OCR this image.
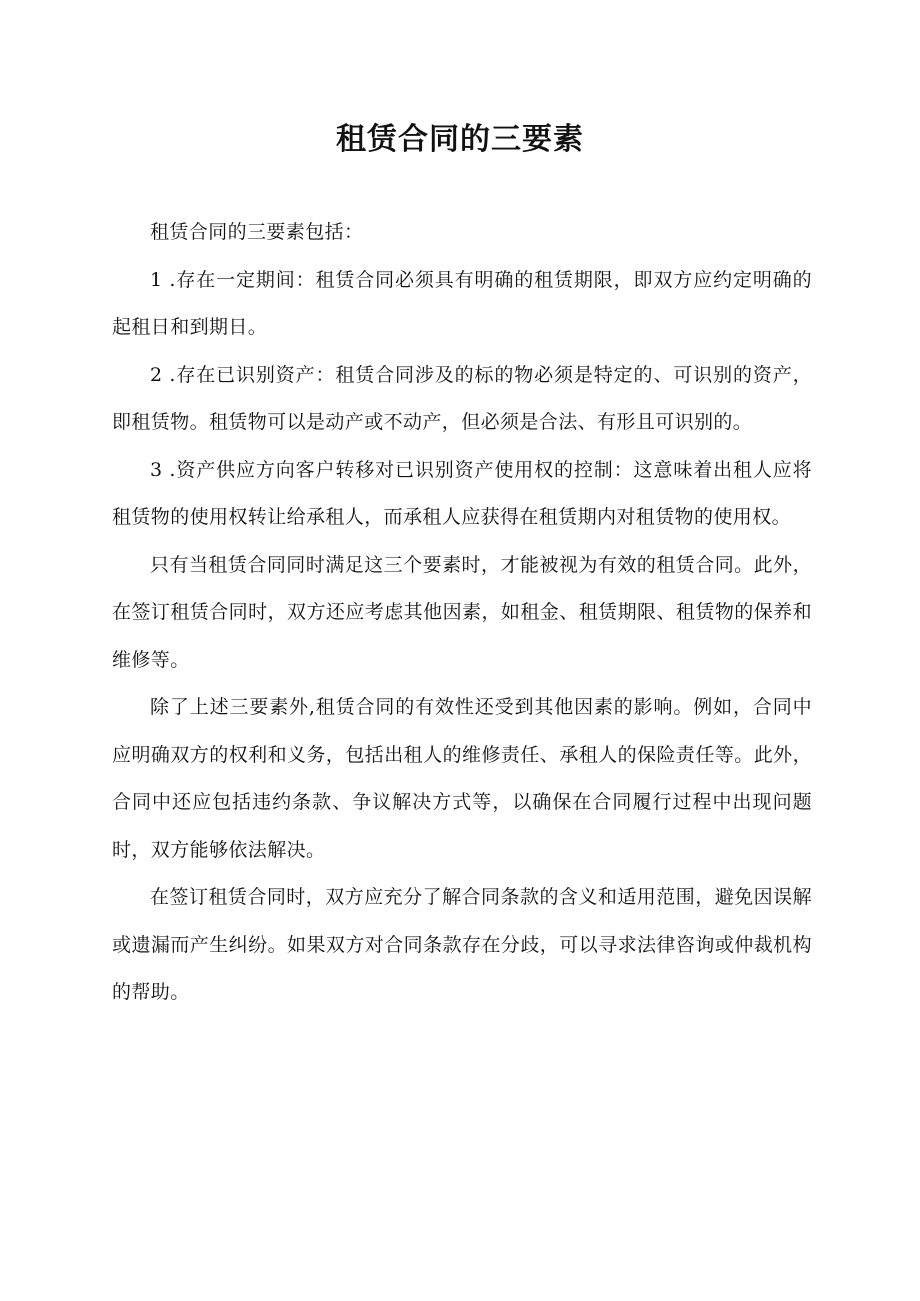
租赁合同的三要素

租赁合同的三要素包括：

1 .存在一定期间：租赁合同必须具有明确的租赁期限，即双方应约定明确的起租日和到期日。

2 .存在已识别资产：租赁合同涉及的标的物必须是特定的、可识别的资产，即租赁物。租赁物可以是动产或不动产，但必须是合法、有形且可识别的。

3 .资产供应方向客户转移对已识别资产使用权的控制：这意味着出租人应将租赁物的使用权转让给承租人，而承租人应获得在租赁期内对租赁物的使用权。

只有当租赁合同同时满足这三个要素时，才能被视为有效的租赁合同。此外，在签订租赁合同时，双方还应考虑其他因素，如租金、租赁期限、租赁物的保养和维修等。

除了上述三要素外,租赁合同的有效性还受到其他因素的影响。例如，合同中应明确双方的权利和义务，包括出租人的维修责任、承租人的保险责任等。此外，合同中还应包括违约条款、争议解决方式等，以确保在合同履行过程中出现问题时，双方能够依法解决。

在签订租赁合同时，双方应充分了解合同条款的含义和适用范围，避免因误解或遗漏而产生纠纷。如果双方对合同条款存在分歧，可以寻求法律咨询或仲裁机构的帮助。
